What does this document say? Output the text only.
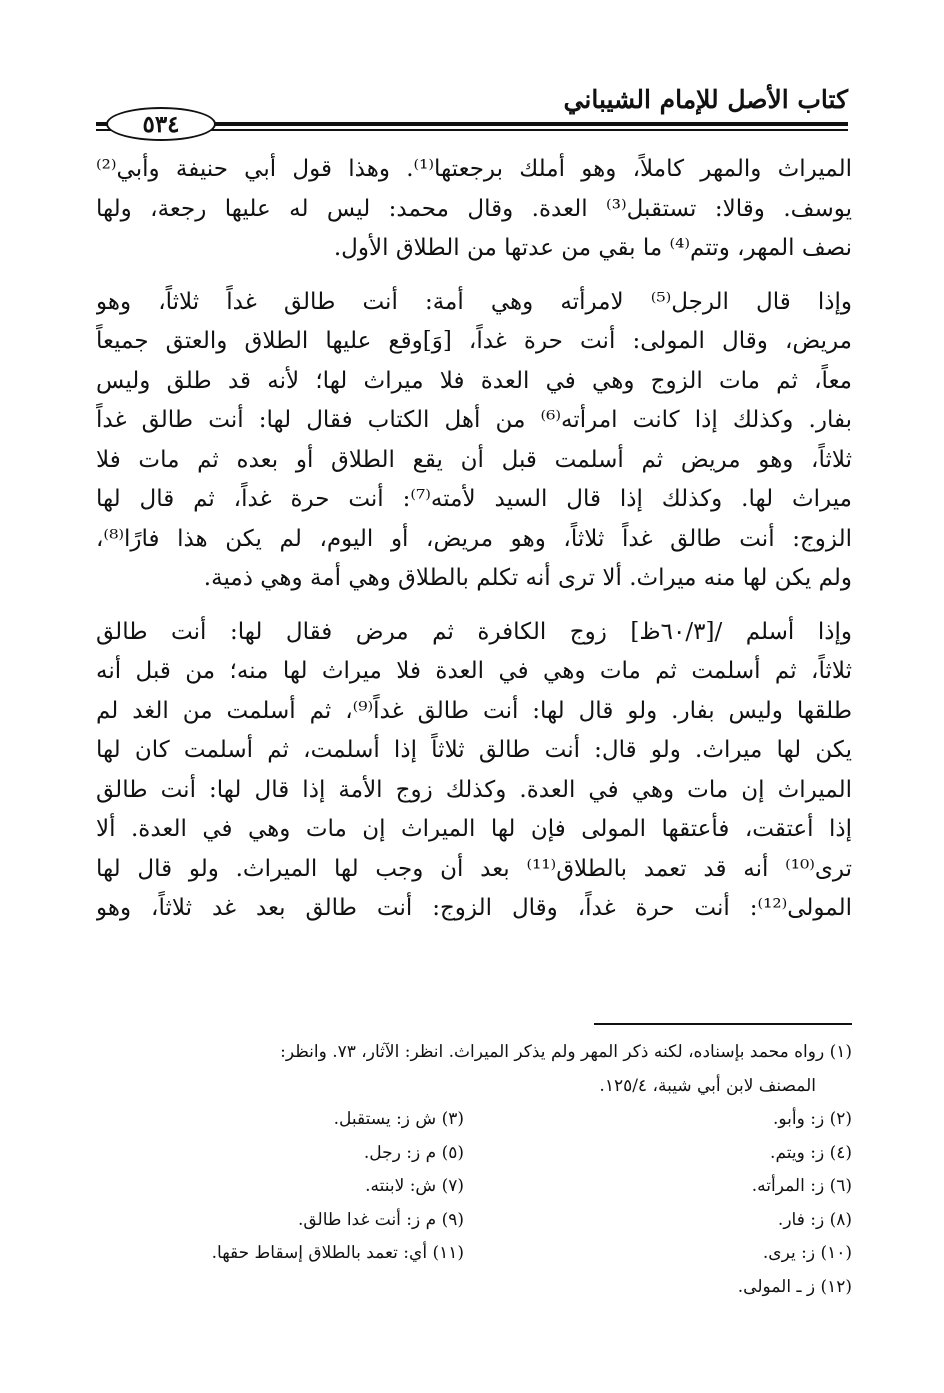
كتاب الأصل للإمام الشيباني
٥٣٤
الميراث والمهر كاملاً، وهو أملك برجعتها⁽¹⁾. وهذا قول أبي حنيفة وأبي⁽²⁾
يوسف. وقالا: تستقبل⁽³⁾ العدة. وقال محمد: ليس له عليها رجعة، ولها
نصف المهر، وتتم⁽⁴⁾ ما بقي من عدتها من الطلاق الأول.
وإذا قال الرجل⁽⁵⁾ لامرأته وهي أمة: أنت طالق غداً ثلاثاً، وهو
مريض، وقال المولى: أنت حرة غداً، [وَ]وقع عليها الطلاق والعتق جميعاً
معاً، ثم مات الزوج وهي في العدة فلا ميراث لها؛ لأنه قد طلق وليس
بفار. وكذلك إذا كانت امرأته⁽⁶⁾ من أهل الكتاب فقال لها: أنت طالق غداً
ثلاثاً، وهو مريض ثم أسلمت قبل أن يقع الطلاق أو بعده ثم مات فلا
ميراث لها. وكذلك إذا قال السيد لأمته⁽⁷⁾: أنت حرة غداً، ثم قال لها
الزوج: أنت طالق غداً ثلاثاً، وهو مريض، أو اليوم، لم يكن هذا فارًا⁽⁸⁾،
ولم يكن لها منه ميراث. ألا ترى أنه تكلم بالطلاق وهي أمة وهي ذمية.
وإذا أسلم /[٦٠/٣ظ] زوج الكافرة ثم مرض فقال لها: أنت طالق
ثلاثاً، ثم أسلمت ثم مات وهي في العدة فلا ميراث لها منه؛ من قبل أنه
طلقها وليس بفار. ولو قال لها: أنت طالق غداً⁽⁹⁾، ثم أسلمت من الغد لم
يكن لها ميراث. ولو قال: أنت طالق ثلاثاً إذا أسلمت، ثم أسلمت كان لها
الميراث إن مات وهي في العدة. وكذلك زوج الأمة إذا قال لها: أنت طالق
إذا أعتقت، فأعتقها المولى فإن لها الميراث إن مات وهي في العدة. ألا
ترى⁽¹⁰⁾ أنه قد تعمد بالطلاق⁽¹¹⁾ بعد أن وجب لها الميراث. ولو قال لها
المولى⁽¹²⁾: أنت حرة غداً، وقال الزوج: أنت طالق بعد غد ثلاثاً، وهو
(١) رواه محمد بإسناده، لكنه ذكر المهر ولم يذكر الميراث. انظر: الآثار، ٧٣. وانظر:
المصنف لابن أبي شيبة، ١٢٥/٤.
(٢) ز: وأبو.
(٣) ش ز: يستقبل.
(٤) ز: ويتم.
(٥) م ز: رجل.
(٦) ز: المرأته.
(٧) ش: لابنته.
(٨) ز: فار.
(٩) م ز: أنت غدا طالق.
(١٠) ز: يرى.
(١١) أي: تعمد بالطلاق إسقاط حقها.
(١٢) ز ـ المولى.
